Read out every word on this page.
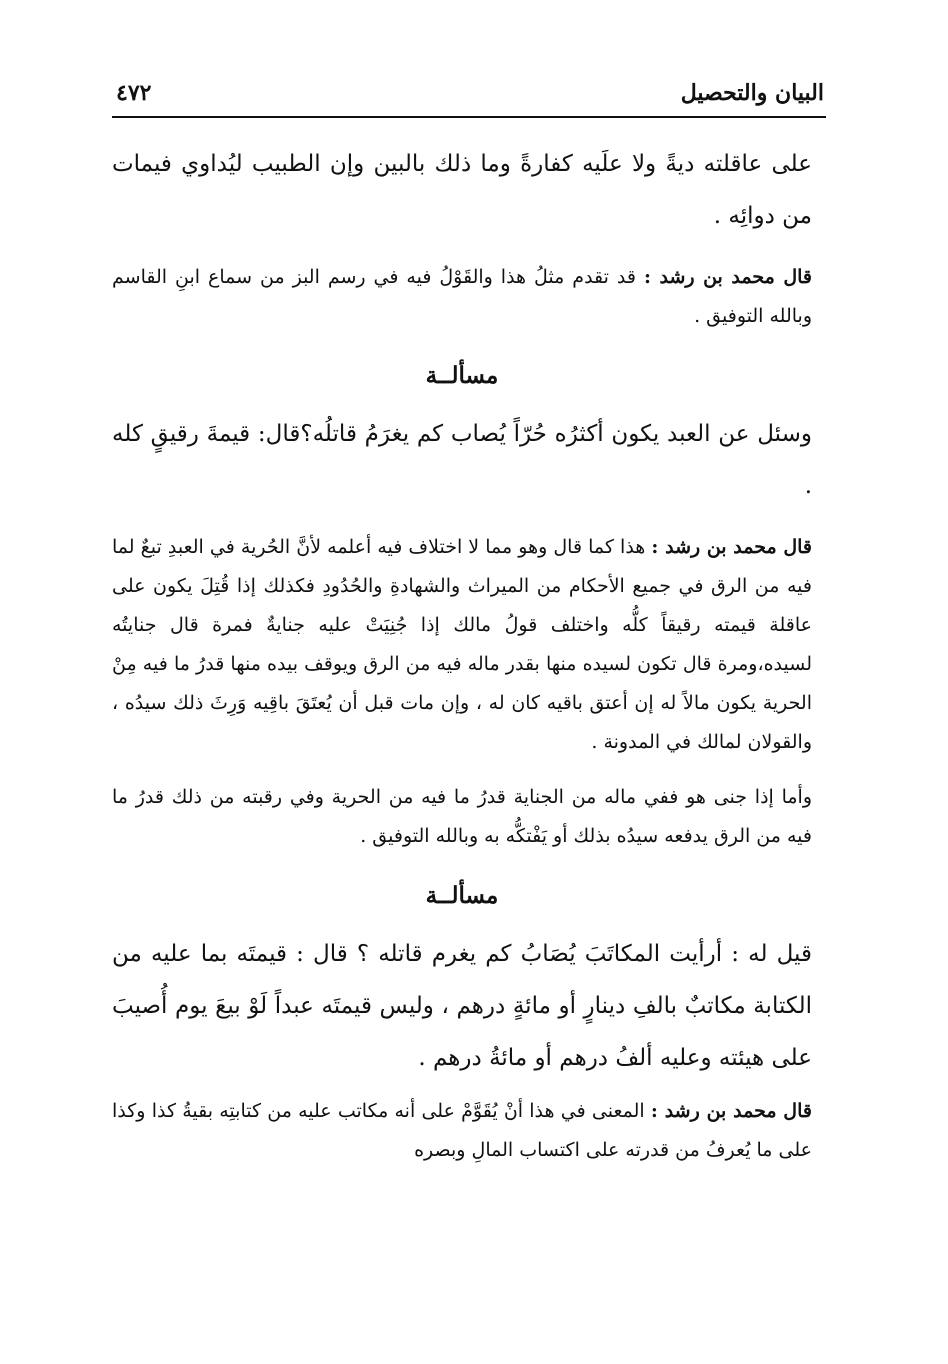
البيان والتحصيل
٤٧٢

على عاقلته ديةً ولا علَيه كفارةً وما ذلك بالبين وإن الطبيب ليُداوي فيمات من دوائِه .

قال محمد بن رشد : قد تقدم مثلُ هذا والقَوْلُ فيه في رسم البز من سماع ابنِ القاسم وبالله التوفيق .

مسألــة

وسئل عن العبد يكون أكثرُه حُرّاً يُصاب كم يغرَمُ قاتلُه؟قال: قيمةَ رقيقٍ كله .

قال محمد بن رشد : هذا كما قال وهو مما لا اختلاف فيه أعلمه لأنَّ الحُرية في العبدِ تبعٌ لما فيه من الرق في جميع الأحكام من الميراث والشهادةِ والحُدُودِ فكذلك إذا قُتِلَ يكون على عاقلة قيمته رقيقاً كلُّه واختلف قولُ مالك إذا جُنِيَتْ عليه جنايةٌ فمرة قال جنايتُه لسيده،ومرة قال تكون لسيده منها بقدر ماله فيه من الرق ويوقف بيده منها قدرُ ما فيه مِنْ الحرية يكون مالاً له إن أعتق باقيه كان له ، وإن مات قبل أن يُعتَقَ باقِيه وَرِثَ ذلك سيدُه ، والقولان لمالك في المدونة .

وأما إذا جنى هو ففي ماله من الجناية قدرُ ما فيه من الحرية وفي رقبته من ذلك قدرُ ما فيه من الرق يدفعه سيدُه بذلك أو يَفْتكُّه به وبالله التوفيق .

مسألــة

قيل له : أرأيت المكاتَبَ يُصَابُ كم يغرم قاتله ؟ قال : قيمتَه بما عليه من الكتابة مكاتبٌ بالفِ دينارٍ أو مائةٍ درهم ، وليس قيمتَه عبداً لَوْ بيعَ يوم أُصيبَ على هيئته وعليه ألفُ درهم أو مائةُ درهم .

قال محمد بن رشد : المعنى في هذا أنْ يُقَوَّمْ على أنه مكاتب عليه من كتابتِه بقيةُ كذا وكذا على ما يُعرفُ من قدرته على اكتساب المالِ وبصره
